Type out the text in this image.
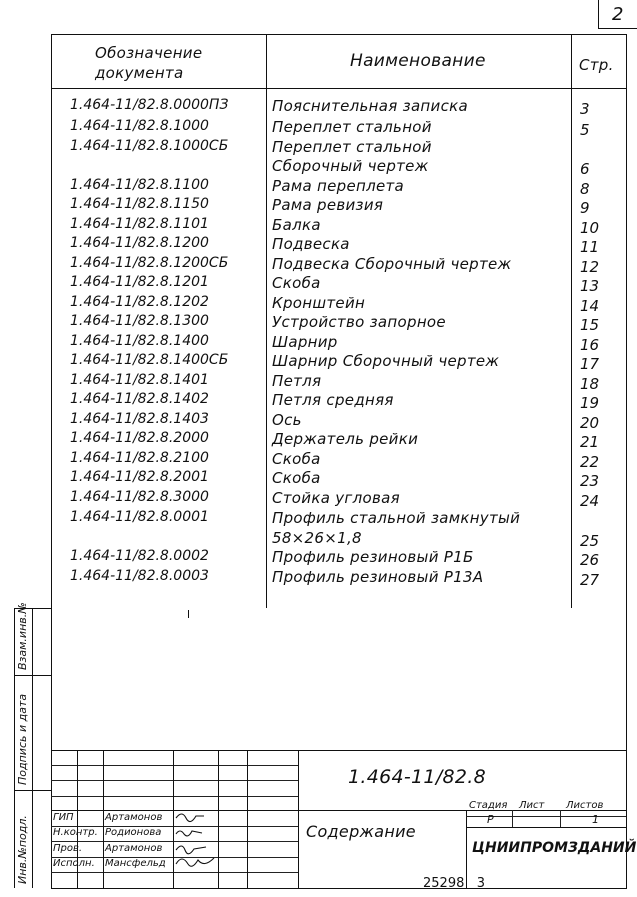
2
Обозначение
документа
Наименование	Стр.
1.464-11/82.8.0000ПЗ	Пояснительная записка	3
1.464-11/82.8.1000	Переплет стальной	5
1.464-11/82.8.1000СБ	Переплет стальной
Сборочный чертеж	6
1.464-11/82.8.1100	Рама переплета	8
1.464-11/82.8.1150	Рама ревизия	9
1.464-11/82.8.1101	Балка	10
1.464-11/82.8.1200	Подвеска	11
1.464-11/82.8.1200СБ	Подвеска Сборочный чертеж	12
1.464-11/82.8.1201	Скоба	13
1.464-11/82.8.1202	Кронштейн	14
1.464-11/82.8.1300	Устройство запорное	15
1.464-11/82.8.1400	Шарнир	16
1.464-11/82.8.1400СБ	Шарнир Сборочный чертеж	17
1.464-11/82.8.1401	Петля	18
1.464-11/82.8.1402	Петля средняя	19
1.464-11/82.8.1403	Ось	20
1.464-11/82.8.2000	Держатель рейки	21
1.464-11/82.8.2100	Скоба	22
1.464-11/82.8.2001	Скоба	23
1.464-11/82.8.3000	Стойка угловая	24
1.464-11/82.8.0001	Профиль стальной замкнутый
58×26×1,8	25
1.464-11/82.8.0002	Профиль резиновый Р1Б	26
1.464-11/82.8.0003	Профиль резиновый Р13А	27
Взам.инв.№
Подпись и дата
Инв.№подл.
1.464-11/82.8
Содержание
Стадия Лист Листов
Р	1
ЦНИИПРОМЗДАНИЙ
ГИП	Артамонов
Н.контр. Родионова
Пров. Артамонов
Исполн. Мансфельд
25298   3
